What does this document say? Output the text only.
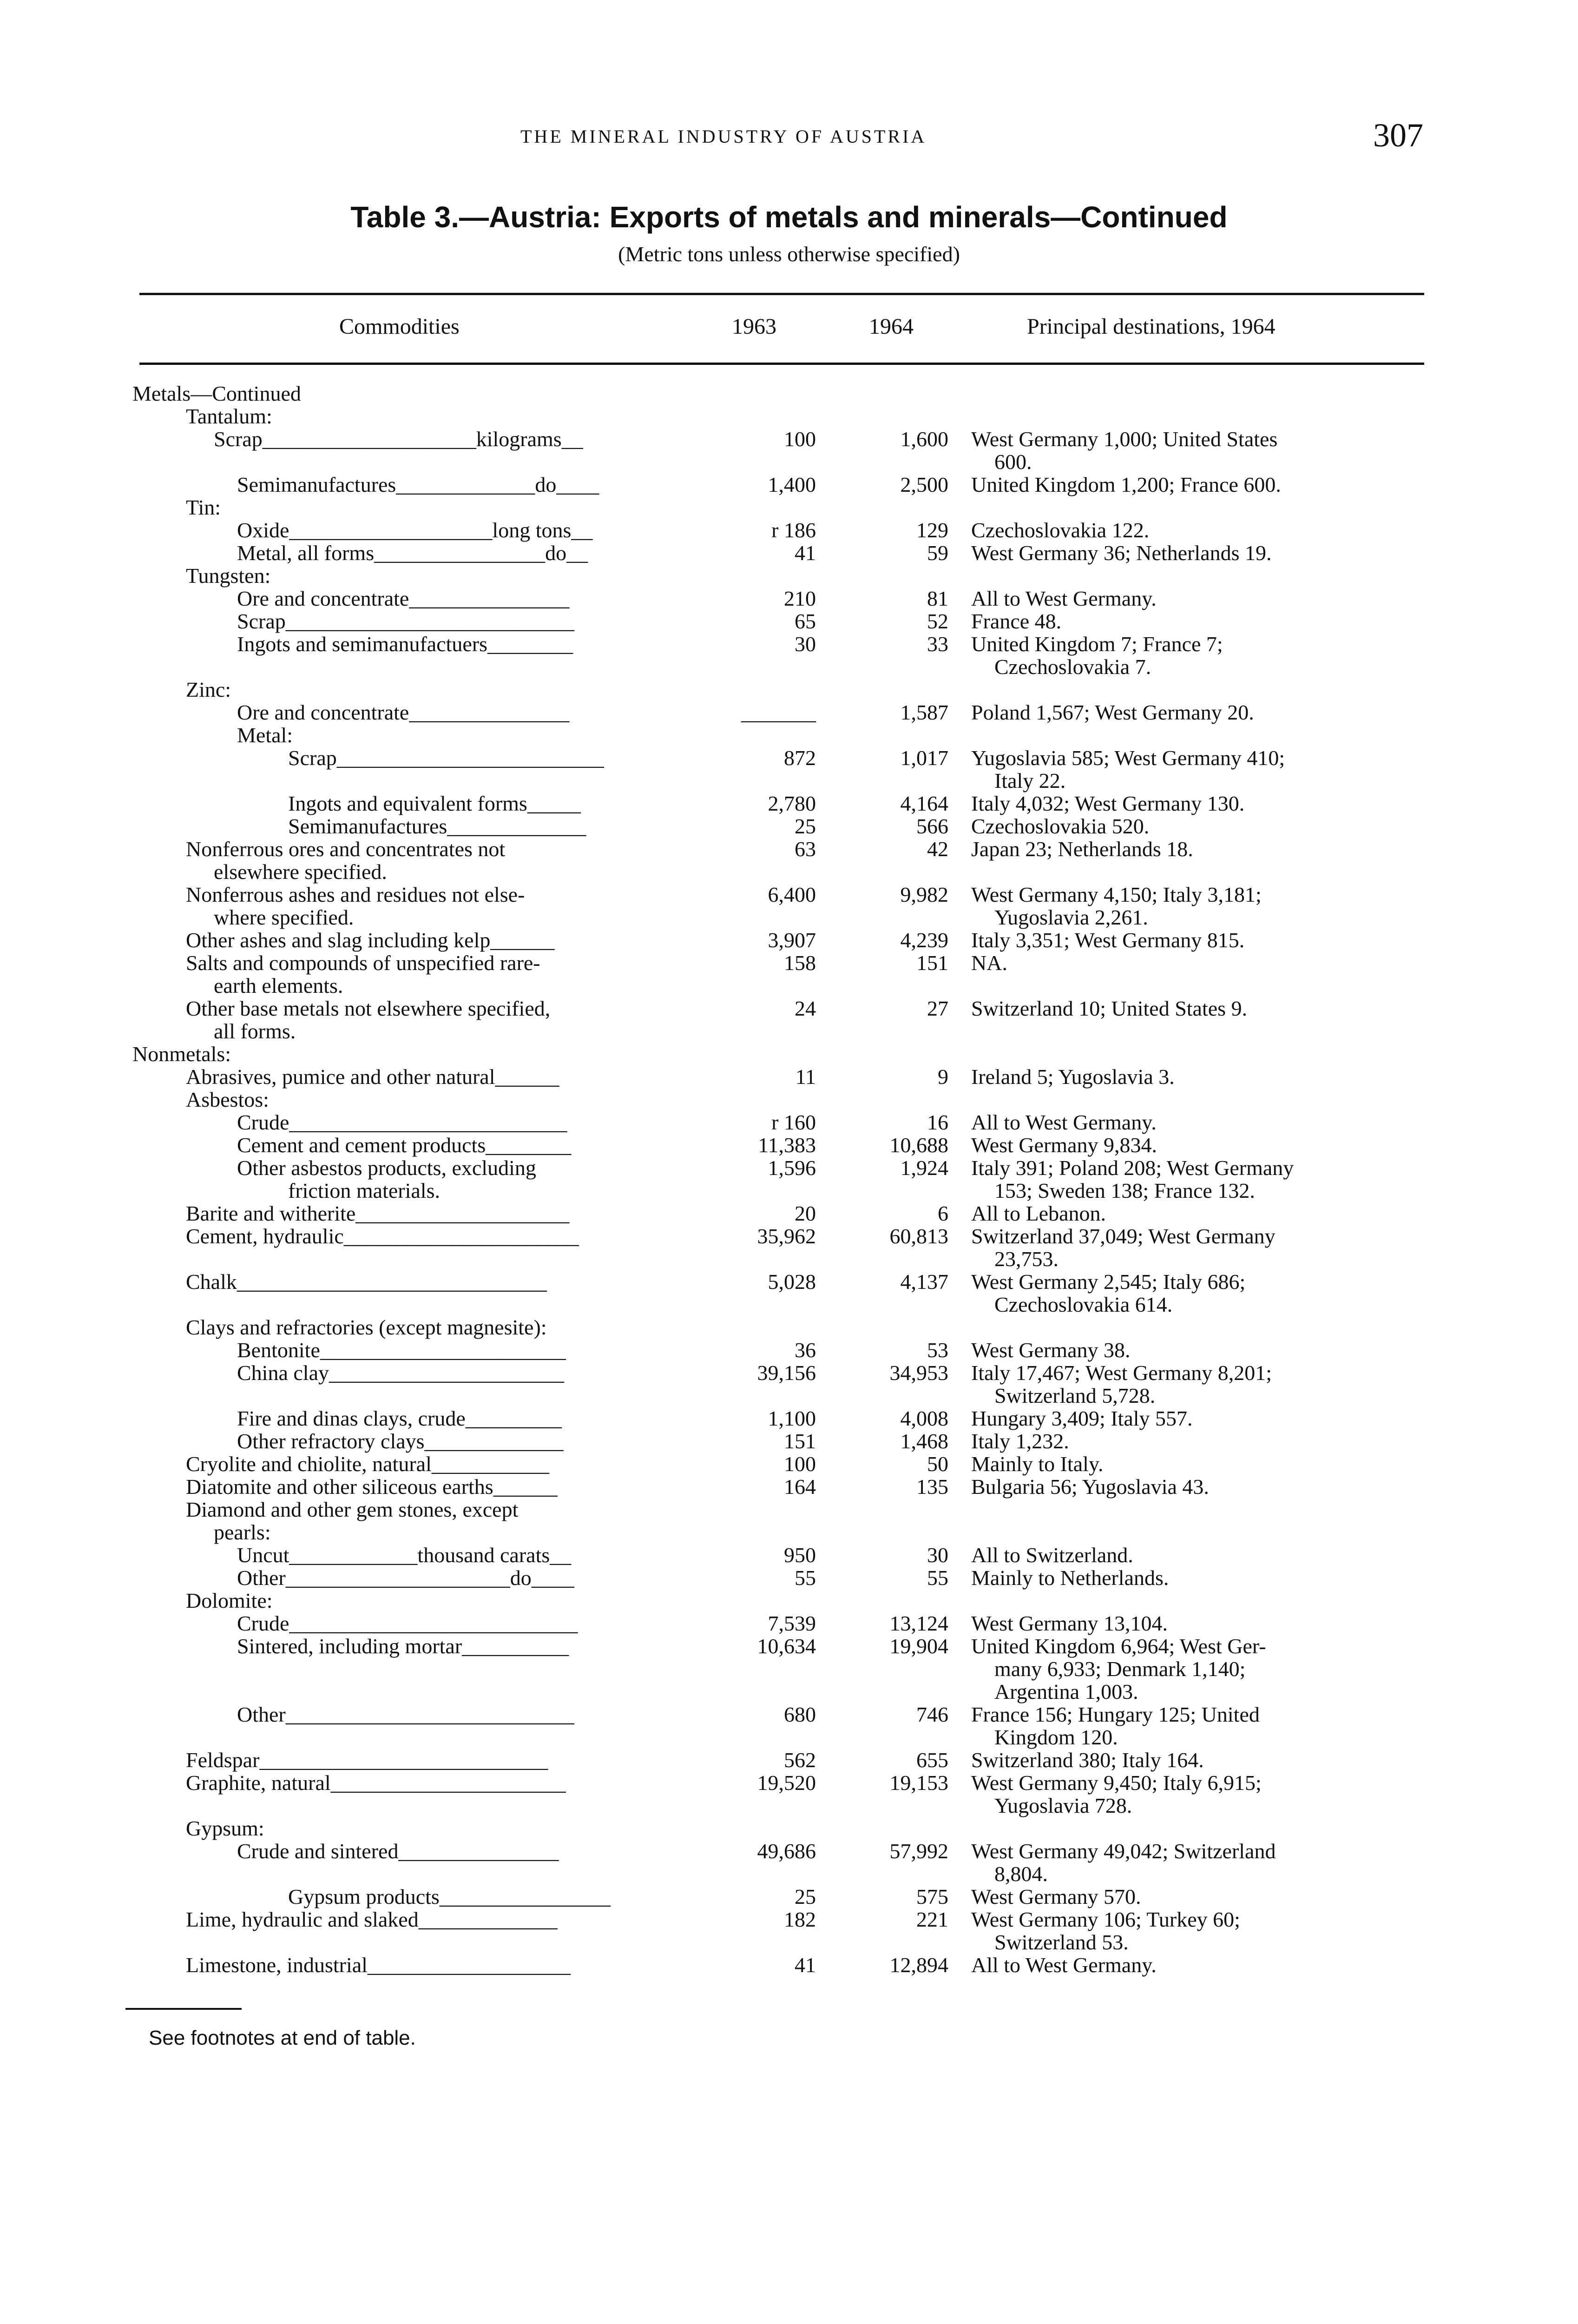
THE MINERAL INDUSTRY OF AUSTRIA	307
Table 3.—Austria: Exports of metals and minerals—Continued
(Metric tons unless otherwise specified)
Commodities	1963	1964	Principal destinations, 1964
Metals—Continued
Tantalum:
Scrap____________________kilograms__	100	1,600 West Germany 1,000; United States
600.
Semimanufactures_____________do____	1,400	2,500 United Kingdom 1,200; France 600.
Tin:
Oxide___________________long tons__	r 186	129 Czechoslovakia 122.
Metal, all forms________________do__	41	59 West Germany 36; Netherlands 19.
Tungsten:
Ore and concentrate_______________	210	81 All to West Germany.
Scrap___________________________	65	52 France 48.
Ingots and semimanufactuers________	30	33 United Kingdom 7; France 7;
Czechoslovakia 7.
Zinc:
Ore and concentrate_______________	_______	1,587 Poland 1,567; West Germany 20.
Metal:
Scrap_________________________	872	1,017 Yugoslavia 585; West Germany 410;
Italy 22.
Ingots and equivalent forms_____	2,780	4,164 Italy 4,032; West Germany 130.
Semimanufactures_____________	25	566 Czechoslovakia 520.
Nonferrous ores and concentrates not	63	42 Japan 23; Netherlands 18.
elsewhere specified.
Nonferrous ashes and residues not else-	6,400	9,982 West Germany 4,150; Italy 3,181;
where specified.	Yugoslavia 2,261.
Other ashes and slag including kelp______	3,907	4,239 Italy 3,351; West Germany 815.
Salts and compounds of unspecified rare-	158	151 NA.
earth elements.
Other base metals not elsewhere specified,	24	27 Switzerland 10; United States 9.
all forms.
Nonmetals:
Abrasives, pumice and other natural______	11	9 Ireland 5; Yugoslavia 3.
Asbestos:
Crude__________________________	r 160	16 All to West Germany.
Cement and cement products________	11,383	10,688 West Germany 9,834.
Other asbestos products, excluding	1,596	1,924 Italy 391; Poland 208; West Germany
friction materials.	153; Sweden 138; France 132.
Barite and witherite____________________	20	6 All to Lebanon.
Cement, hydraulic______________________	35,962	60,813 Switzerland 37,049; West Germany
23,753.
Chalk_____________________________	5,028	4,137 West Germany 2,545; Italy 686;
Czechoslovakia 614.
Clays and refractories (except magnesite):
Bentonite_______________________	36	53 West Germany 38.
China clay______________________	39,156	34,953 Italy 17,467; West Germany 8,201;
Switzerland 5,728.
Fire and dinas clays, crude_________	1,100	4,008 Hungary 3,409; Italy 557.
Other refractory clays_____________	151	1,468 Italy 1,232.
Cryolite and chiolite, natural___________	100	50 Mainly to Italy.
Diatomite and other siliceous earths______	164	135 Bulgaria 56; Yugoslavia 43.
Diamond and other gem stones, except
pearls:
Uncut____________thousand carats__	950	30 All to Switzerland.
Other_____________________do____	55	55 Mainly to Netherlands.
Dolomite:
Crude___________________________	7,539	13,124 West Germany 13,104.
Sintered, including mortar__________	10,634	19,904 United Kingdom 6,964; West Ger-
many 6,933; Denmark 1,140;
Argentina 1,003.
Other___________________________	680	746 France 156; Hungary 125; United
Kingdom 120.
Feldspar___________________________	562	655 Switzerland 380; Italy 164.
Graphite, natural______________________	19,520	19,153 West Germany 9,450; Italy 6,915;
Yugoslavia 728.
Gypsum:
Crude and sintered_______________	49,686	57,992 West Germany 49,042; Switzerland
8,804.
Gypsum products________________	25	575 West Germany 570.
Lime, hydraulic and slaked_____________	182	221 West Germany 106; Turkey 60;
Switzerland 53.
Limestone, industrial___________________	41	12,894 All to West Germany.
See footnotes at end of table.
